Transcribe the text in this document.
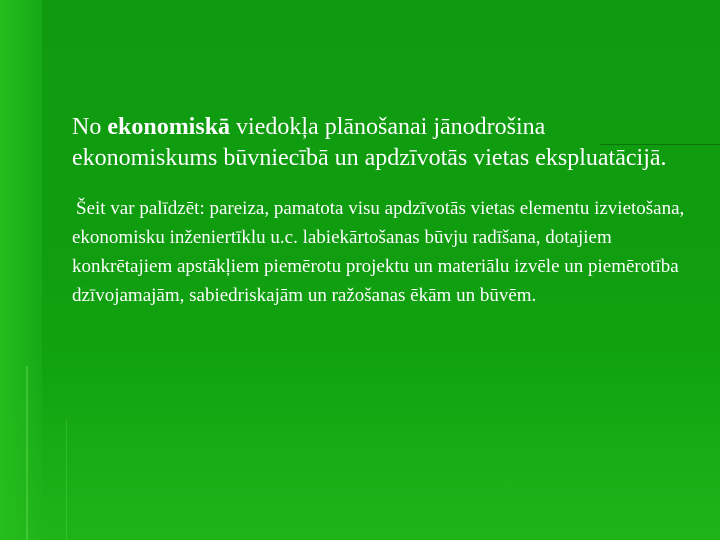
No ekonomiskā viedokļa plānošanai jānodrošina ekonomiskums būvniecībā un apdzīvotās vietas ekspluatācijā.

Šeit var palīdzēt: pareiza, pamatota visu apdzīvotās vietas elementu izvietošana, ekonomisku inženiertīklu u.c. labiekārtošanas būvju radīšana, dotajiem konkrētajiem apstākļiem piemērotu projektu un materiālu izvēle un piemērotība dzīvojamajām, sabiedriskajām un ražošanas ēkām un būvēm.
